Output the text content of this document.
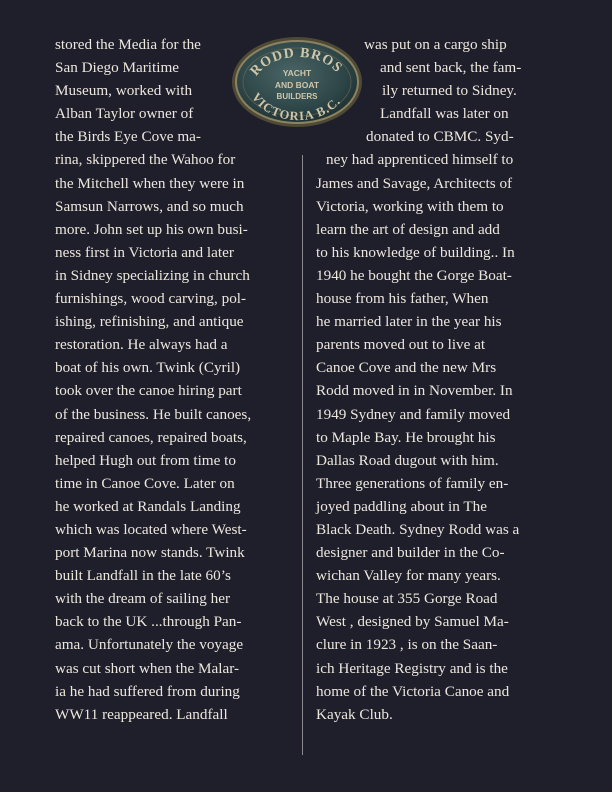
stored the Media for the
San Diego Maritime
Museum, worked with
Alban Taylor owner of
the Birds Eye Cove ma-
rina, skippered the Wahoo for
the Mitchell when they were in
Samsun Narrows, and so much
more. John set up his own busi-
ness first in Victoria and later
in Sidney specializing in church
furnishings, wood carving, pol-
ishing, refinishing, and antique
restoration. He always had a
boat of his own. Twink (Cyril)
took over the canoe hiring part
of the business. He built canoes,
repaired canoes, repaired boats,
helped Hugh out from time to
time in Canoe Cove. Later on
he worked at Randals Landing
which was located where West-
port Marina now stands. Twink
built Landfall in the late 60’s
with the dream of sailing her
back to the UK ...through Pan-
ama. Unfortunately the voyage
was cut short when the Malar-
ia he had suffered from during
WW11 reappeared. Landfall
was put on a cargo ship
and sent back, the fam-
ily returned to Sidney.
Landfall was later on
donated to CBMC. Syd-
ney had apprenticed himself to
James and Savage, Architects of
Victoria, working with them to
learn the art of design and add
to his knowledge of building.. In
1940 he bought the Gorge Boat-
house from his father, When
he married later in the year his
parents moved out to live at
Canoe Cove and the new Mrs
Rodd moved in in November. In
1949 Sydney and family moved
to Maple Bay. He brought his
Dallas Road dugout with him.
Three generations of family en-
joyed paddling about in The
Black Death. Sydney Rodd was a
designer and builder in the Co-
wichan Valley for many years.
The house at 355 Gorge Road
West , designed by Samuel Ma-
clure in 1923 , is on the Saan-
ich Heritage Registry and is the
home of the Victoria Canoe and
Kayak Club.
RODD BROS
YACHT
AND BOAT
BUILDERS
VICTORIA B.C.
